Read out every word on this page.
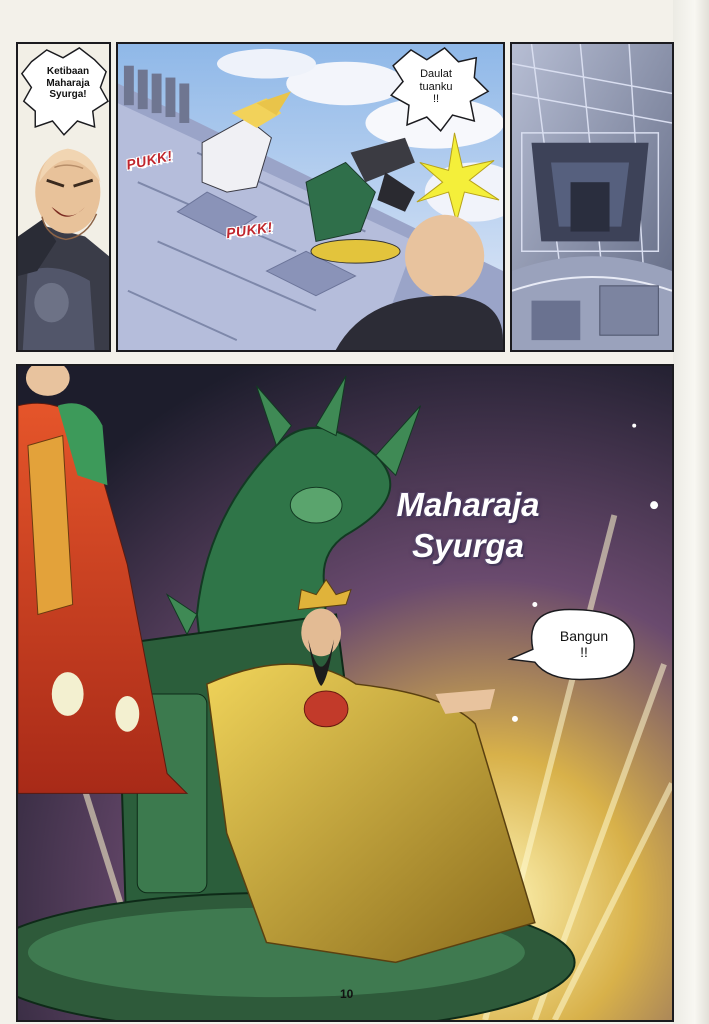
Ketibaan
Maharaja
Syurga!
Daulat
tuanku
!!
PUKK!
PUKK!
Maharaja
Syurga
Bangun
!!
10
